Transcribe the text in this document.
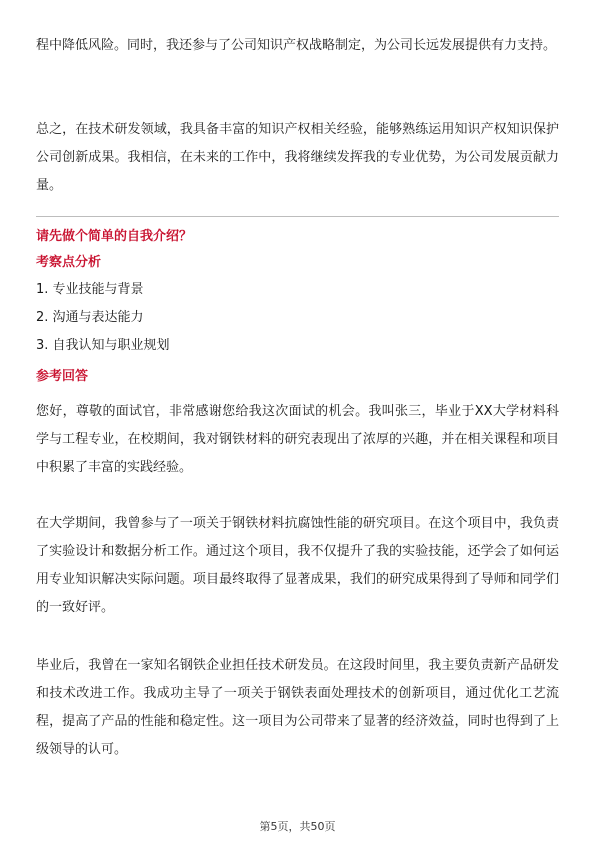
程中降低风险。同时，我还参与了公司知识产权战略制定，为公司长远发展提供有力支持。

总之，在技术研发领域，我具备丰富的知识产权相关经验，能够熟练运用知识产权知识保护公司创新成果。我相信，在未来的工作中，我将继续发挥我的专业优势，为公司发展贡献力量。

请先做个简单的自我介绍？

考察点分析

1. 专业技能与背景

2. 沟通与表达能力

3. 自我认知与职业规划

参考回答

您好，尊敬的面试官，非常感谢您给我这次面试的机会。我叫张三，毕业于XX大学材料科学与工程专业，在校期间，我对钢铁材料的研究表现出了浓厚的兴趣，并在相关课程和项目中积累了丰富的实践经验。

在大学期间，我曾参与了一项关于钢铁材料抗腐蚀性能的研究项目。在这个项目中，我负责了实验设计和数据分析工作。通过这个项目，我不仅提升了我的实验技能，还学会了如何运用专业知识解决实际问题。项目最终取得了显著成果，我们的研究成果得到了导师和同学们的一致好评。

毕业后，我曾在一家知名钢铁企业担任技术研发员。在这段时间里，我主要负责新产品研发和技术改进工作。我成功主导了一项关于钢铁表面处理技术的创新项目，通过优化工艺流程，提高了产品的性能和稳定性。这一项目为公司带来了显著的经济效益，同时也得到了上级领导的认可。

第5页，共50页
